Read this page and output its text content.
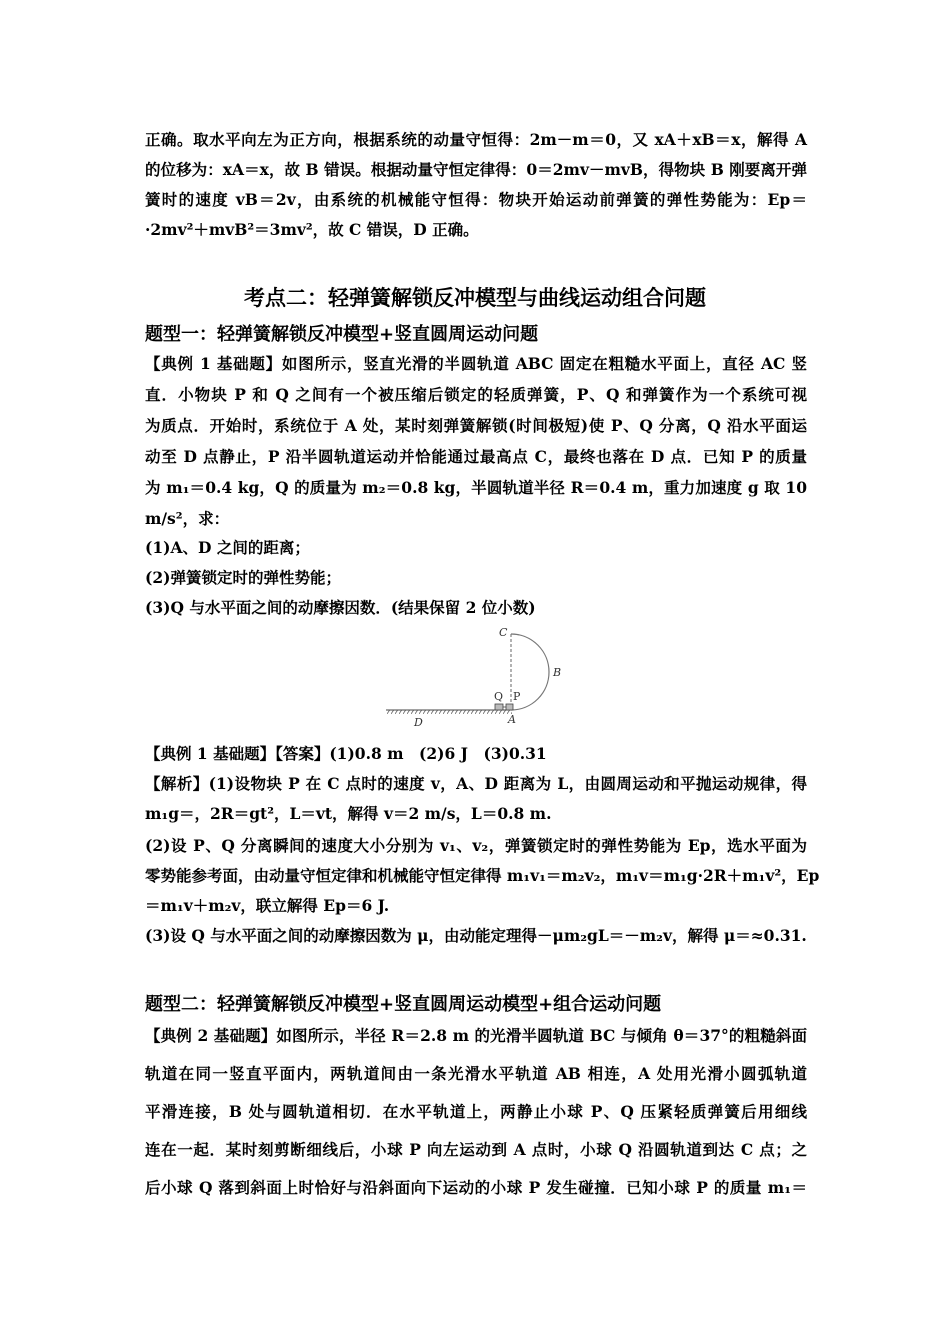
正确。取水平向左为正方向，根据系统的动量守恒得：2m－m＝0，又 xA＋xB＝x，解得 A
的位移为：xA＝x，故 B 错误。根据动量守恒定律得：0＝2mv－mvB，得物块 B 刚要离开弹
簧时的速度 vB＝2v，由系统的机械能守恒得：物块开始运动前弹簧的弹性势能为：Ep＝
·2mv²＋mvB²＝3mv²，故 C 错误，D 正确。
考点二：轻弹簧解锁反冲模型与曲线运动组合问题
题型一：轻弹簧解锁反冲模型+竖直圆周运动问题
【典例 1 基础题】如图所示，竖直光滑的半圆轨道 ABC 固定在粗糙水平面上，直径 AC 竖
直．小物块 P 和 Q 之间有一个被压缩后锁定的轻质弹簧，P、Q 和弹簧作为一个系统可视
为质点．开始时，系统位于 A 处，某时刻弹簧解锁(时间极短)使 P、Q 分离，Q 沿水平面运
动至 D 点静止，P 沿半圆轨道运动并恰能通过最高点 C，最终也落在 D 点．已知 P 的质量
为 m₁＝0.4 kg，Q 的质量为 m₂＝0.8 kg，半圆轨道半径 R＝0.4 m，重力加速度 g 取 10
m/s²，求：
(1)A、D 之间的距离；
(2)弹簧锁定时的弹性势能；
(3)Q 与水平面之间的动摩擦因数．(结果保留 2 位小数)
C
B
Q P
D	A
【典例 1 基础题】【答案】(1)0.8 m　(2)6 J　(3)0.31
【解析】(1)设物块 P 在 C 点时的速度 v，A、D 距离为 L，由圆周运动和平抛运动规律，得
m₁g＝，2R＝gt²，L＝vt，解得 v＝2 m/s，L＝0.8 m.
(2)设 P、Q 分离瞬间的速度大小分别为 v₁、v₂，弹簧锁定时的弹性势能为 Ep，选水平面为
零势能参考面，由动量守恒定律和机械能守恒定律得 m₁v₁＝m₂v₂，m₁v＝m₁g·2R＋m₁v²，Ep
＝m₁v＋m₂v，联立解得 Ep＝6 J.
(3)设 Q 与水平面之间的动摩擦因数为 μ，由动能定理得－μm₂gL＝－m₂v，解得 μ＝≈0.31.
题型二：轻弹簧解锁反冲模型+竖直圆周运动模型+组合运动问题
【典例 2 基础题】如图所示，半径 R＝2.8 m 的光滑半圆轨道 BC 与倾角 θ＝37°的粗糙斜面
轨道在同一竖直平面内，两轨道间由一条光滑水平轨道 AB 相连，A 处用光滑小圆弧轨道
平滑连接，B 处与圆轨道相切．在水平轨道上，两静止小球 P、Q 压紧轻质弹簧后用细线
连在一起．某时刻剪断细线后，小球 P 向左运动到 A 点时，小球 Q 沿圆轨道到达 C 点；之
后小球 Q 落到斜面上时恰好与沿斜面向下运动的小球 P 发生碰撞．已知小球 P 的质量 m₁＝
